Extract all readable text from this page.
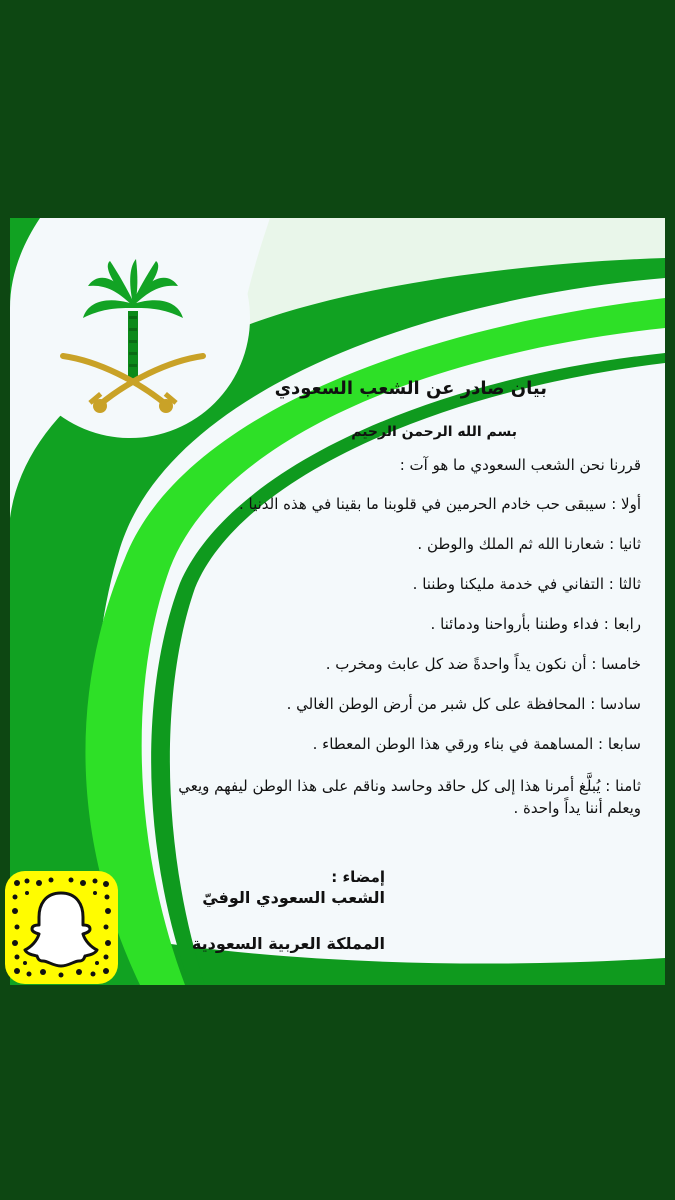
بيان صادر عن الشعب السعودي
بسم الله الرحمن الرحيم
قررنا نحن الشعب السعودي ما هو آت :
أولا : سيبقى حب خادم الحرمين في قلوبنا ما بقينا في هذه الدنيا .
ثانيا : شعارنا الله ثم الملك والوطن .
ثالثا : التفاني في خدمة مليكنا وطننا .
رابعا : فداء وطننا بأرواحنا ودمائنا .
خامسا : أن نكون يداً واحدةً ضد كل عابث ومخرب .
سادسا : المحافظة على كل شبر من أرض الوطن الغالي .
سابعا : المساهمة في بناء ورقي هذا الوطن المعطاء .
ثامنا : يُبلَّغ أمرنا هذا إلى كل حاقد وحاسد وناقم على هذا الوطن ليفهم ويعي ويعلم أننا يداً واحدة .
إمضاء :
الشعب السعودي الوفيّ
المملكة العربية السعودية
